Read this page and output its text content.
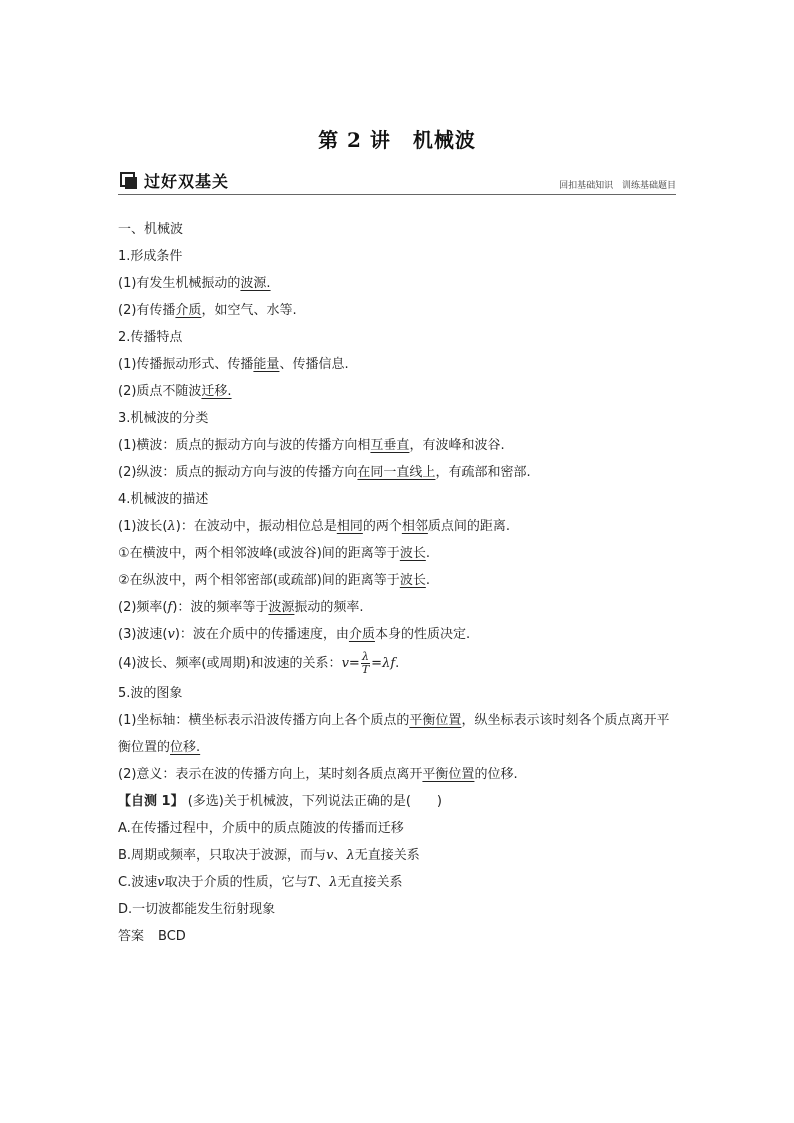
第 2 讲 机械波
过好双基关	回扣基础知识 训练基础题目
一、机械波
1.形成条件
(1)有发生机械振动的波源.
(2)有传播介质，如空气、水等.
2.传播特点
(1)传播振动形式、传播能量、传播信息.
(2)质点不随波迁移.
3.机械波的分类
(1)横波：质点的振动方向与波的传播方向相互垂直，有波峰和波谷.
(2)纵波：质点的振动方向与波的传播方向在同一直线上，有疏部和密部.
4.机械波的描述
(1)波长(λ)：在波动中，振动相位总是相同的两个相邻质点间的距离.
①在横波中，两个相邻波峰(或波谷)间的距离等于波长.
②在纵波中，两个相邻密部(或疏部)间的距离等于波长.
(2)频率(f)：波的频率等于波源振动的频率.
(3)波速(v)：波在介质中的传播速度，由介质本身的性质决定.
(4)波长、频率(或周期)和波速的关系：$v= \frac{\lambda}{T} =\lambda f$.
5.波的图象
(1)坐标轴：横坐标表示沿波传播方向上各个质点的平衡位置，纵坐标表示该时刻各个质点离开平衡位置的位移.
(2)意义：表示在波的传播方向上，某时刻各质点离开平衡位置的位移.
【自测 1】 (多选)关于机械波，下列说法正确的是(　　)
A.在传播过程中，介质中的质点随波的传播而迁移
B.周期或频率，只取决于波源，而与v、λ无直接关系
C.波速v取决于介质的性质，它与T、λ无直接关系
D.一切波都能发生衍射现象
答案 BCD
